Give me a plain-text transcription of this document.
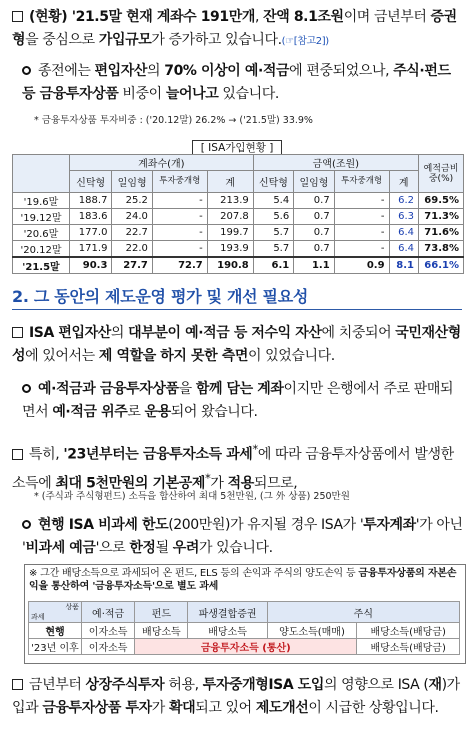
(현황) '21.5말 현재 계좌수 191만개, 잔액 8.1조원이며 금년부터 증권형을 중심으로 가입규모가 증가하고 있습니다.(☞[참고2])
종전에는 편입자산의 70% 이상이 예·적금에 편중되었으나, 주식·펀드 등 금융투자상품 비중이 늘어나고 있습니다.
* 금융투자상품 투자비중 : ('20.12말) 26.2% → ('21.5말) 33.9%
[ ISA가입현황 ]
	계좌수(개)				금액(조원)				예적금비중(%)
	신탁형	일임형	투자중개형	계	신탁형	일임형	투자중개형	계	
'19.6말	188.7	25.2	-	213.9	5.4	0.7	-	6.2	69.5%
'19.12말	183.6	24.0	-	207.8	5.6	0.7	-	6.3	71.3%
'20.6말	177.0	22.7	-	199.7	5.7	0.7	-	6.4	71.6%
'20.12말	171.9	22.0	-	193.9	5.7	0.7	-	6.4	73.8%
'21.5말	90.3	27.7	72.7	190.8	6.1	1.1	0.9	8.1	66.1%
2. 그 동안의 제도운영 평가 및 개선 필요성
ISA 편입자산의 대부분이 예·적금 등 저수익 자산에 치중되어 국민재산형성에 있어서는 제 역할을 하지 못한 측면이 있었습니다.
예·적금과 금융투자상품을 함께 담는 계좌이지만 은행에서 주로 판매되면서 예·적금 위주로 운용되어 왔습니다.
특히, '23년부터는 금융투자소득 과세*에 따라 금융투자상품에서 발생한 소득에 최대 5천만원의 기본공제*가 적용되므로,
* (주식과 주식형펀드) 소득을 합산하여 최대 5천만원, (그 外 상품) 250만원
현행 ISA 비과세 한도(200만원)가 유지될 경우 ISA가 '투자계좌'가 아닌 '비과세 예금'으로 한정될 우려가 있습니다.
※ 그간 배당소득으로 과세되어 온 펀드, ELS 등의 손익과 주식의 양도손익 등 금융투자상품의 자본손익을 통산하여 '금융투자소득'으로 별도 과세
상품
과세	예·적금	펀드	파생결합증권	주식	
현행	이자소득	배당소득	배당소득	양도소득(매매)	배당소득(배당금)
'23년 이후	이자소득	금융투자소득 (통산)			배당소득(배당금)
금년부터 상장주식투자 허용, 투자중개형ISA 도입의 영향으로 ISA (재)가입과 금융투자상품 투자가 확대되고 있어 제도개선이 시급한 상황입니다.
